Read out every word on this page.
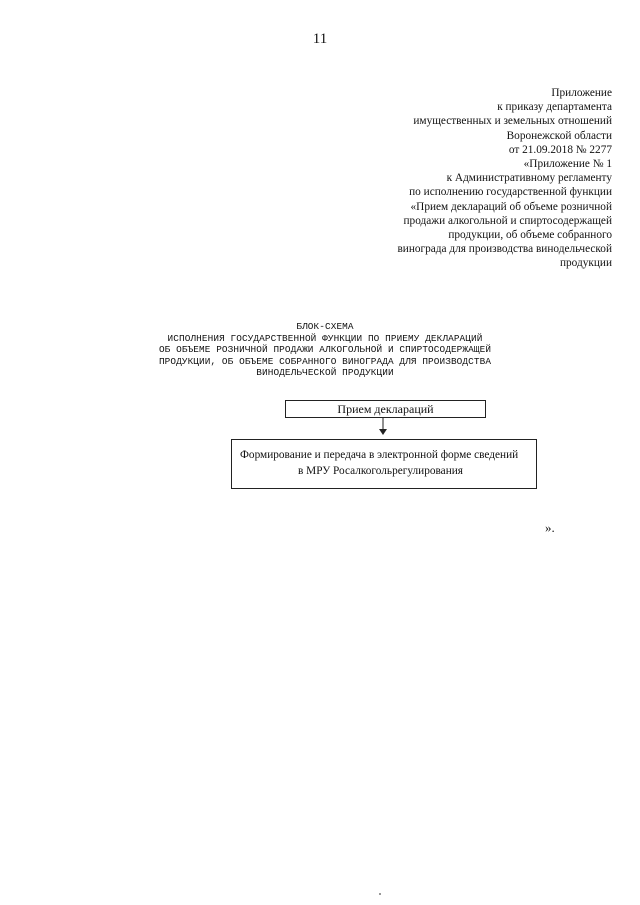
11
Приложение
к приказу департамента
имущественных и земельных отношений
Воронежской области
от 21.09.2018 № 2277
«Приложение № 1
к Административному регламенту
по исполнению государственной функции
«Прием деклараций об объеме розничной
продажи алкогольной и спиртосодержащей
продукции, об объеме собранного
винограда для производства винодельческой
продукции
БЛОК-СХЕМА
ИСПОЛНЕНИЯ ГОСУДАРСТВЕННОЙ ФУНКЦИИ ПО ПРИЕМУ ДЕКЛАРАЦИЙ
ОБ ОБЪЕМЕ РОЗНИЧНОЙ ПРОДАЖИ АЛКОГОЛЬНОЙ И СПИРТОСОДЕРЖАЩЕЙ
ПРОДУКЦИИ, ОБ ОБЪЕМЕ СОБРАННОГО ВИНОГРАДА ДЛЯ ПРОИЗВОДСТВА
ВИНОДЕЛЬЧЕСКОЙ ПРОДУКЦИИ
Прием деклараций
Формирование и передача в электронной форме сведений
в МРУ Росалкогольрегулирования
».
